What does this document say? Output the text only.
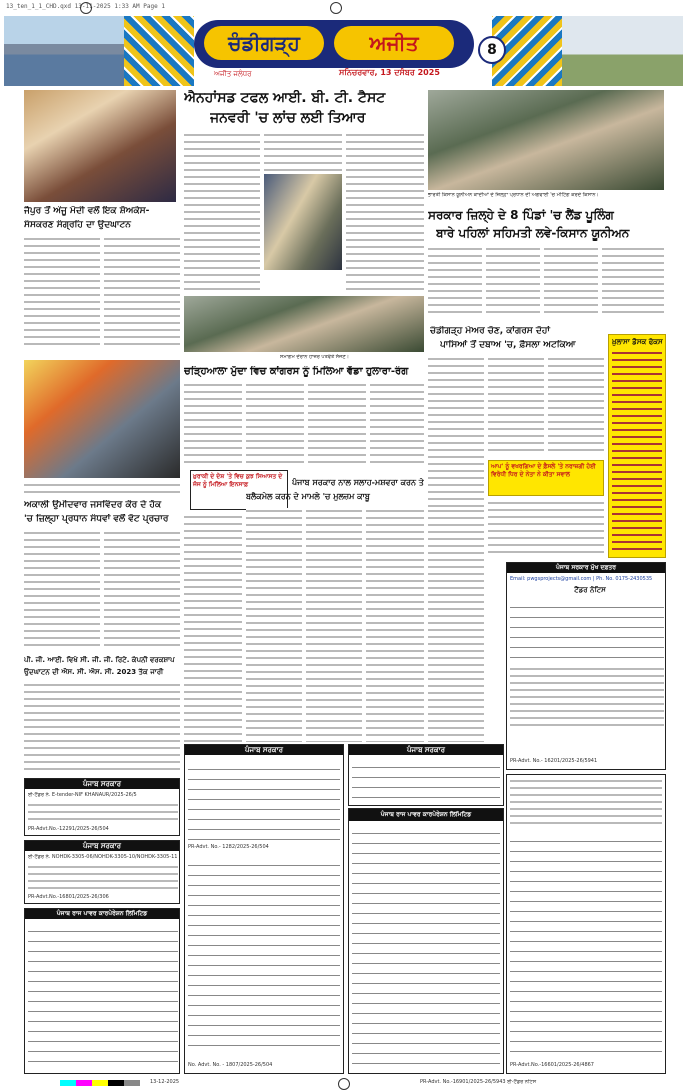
13_ten_1_1_CHD.qxd 13-11-2025 1:33 AM Page 1
ਚੰਡੀਗੜ੍ਹ	ਅਜੀਤ
ਅਜੀਤ ਜਲੰਧਰ	ਸਨਿਚਰਵਾਰ, 13 ਦਸੰਬਰ 2025
8
ਜੈਪੁਰ ਤੋਂ ਅੰਜੂ ਮੋਦੀ ਵਲੋਂ ਇਕ ਸ਼ੋਅਕੇਸ-
ਸੰਸਕਰਣ ਸੰਗ੍ਰਹਿ ਦਾ ਉਦਘਾਟਨ
ਐਨਹਾਂਸਡ ਟਫਲ ਆਈ. ਬੀ. ਟੀ. ਟੈਸਟ
ਜਨਵਰੀ 'ਚ ਲਾਂਚ ਲਈ ਤਿਆਰ
ਸਮਾਗਮ ਦੌਰਾਨ ਹਾਜ਼ਰ ਪਤਵੰਤੇ ਸੱਜਣ।
ਭਾਰਤੀ ਕਿਸਾਨ ਯੂਨੀਅਨ ਕਾਦੀਆਂ ਦੇ ਜ਼ਿਲ੍ਹਾ ਪ੍ਰਧਾਨ ਦੀ ਅਗਵਾਈ 'ਚ ਮੀਟਿੰਗ ਕਰਦੇ ਕਿਸਾਨ।
ਸਰਕਾਰ ਜ਼ਿਲ੍ਹੇ ਦੇ 8 ਪਿੰਡਾਂ 'ਚ ਲੈਂਡ ਪੂਲਿੰਗ
ਬਾਰੇ ਪਹਿਲਾਂ ਸਹਿਮਤੀ ਲਵੇ-ਕਿਸਾਨ ਯੂਨੀਅਨ
ਚੰਡੀਗੜ੍ਹ ਮੇਅਰ ਚੋਣ, ਕਾਂਗਰਸ ਦੋਹਾਂ
ਪਾਸਿਆਂ ਤੋਂ ਦਬਾਅ 'ਚ, ਫ਼ੈਸਲਾ ਅਟਕਿਆ
ਆਪ' ਨੂੰ ਵਖਰਗਿਆ ਦੇ ਫ਼ੈਸਲੇ 'ਤੇ ਨਰਾਜ਼ਗੀ ਹੋਈ ਵਿਰੋਧੀ ਧਿਰ ਦੇ ਨੇਤਾ ਨੇ ਕੀਤਾ ਸਵਾਲ
ਖ਼ੁਲਾਸਾ ਡੈਸਕ ਫੋਕਸ
ਅਕਾਲੀ ਉਮੀਦਵਾਰ ਜਸਵਿੰਦਰ ਕੌਰ ਦੇ ਹੱਕ
'ਚ ਜ਼ਿਲ੍ਹਾ ਪ੍ਰਧਾਨ ਸੰਧਵਾਂ ਵਲੋਂ ਵੋਟ ਪ੍ਰਚਾਰ
ਪੀ. ਜੀ. ਆਈ. ਵਿਖੇ ਸੀ. ਜੀ. ਜੀ. ਰਿਟੇ. ਕੰਪਨੀ ਵਰਕਸ਼ਾਪ
ਉਦਘਾਟਨ ਦੀ ਐਸ. ਸੀ. ਐਸ. ਸੀ. 2023 ਤੱਕ ਜਾਰੀ
ਚੜ੍ਹਿਆਲਾ ਮੁੱਦਾ ਵਿਚ ਕਾਂਗਰਸ ਨੂੰ ਮਿਲਿਆ ਵੱਡਾ ਹੁਲਾਰਾ-ਰੰਗ
ਖ਼ੁਰਾਕੀ ਦੇ ਦੋਸ਼ 'ਤੇ ਵਿਚ ਕੁਝ ਸਿਆਸਤ ਦੇ ਜੱਜ ਨੂੰ ਮਿਲਿਆ ਇਨਸਾਫ਼	ਪੰਜਾਬ ਸਰਕਾਰ ਨਾਲ ਸਲਾਹ-ਮਸ਼ਵਰਾ ਕਰਨ ਤੇ
ਬਲੈਕਮੇਲ ਕਰਨ ਦੇ ਮਾਮਲੇ 'ਚ ਮੁਲਜ਼ਮ ਕਾਬੂ
ਪੰਜਾਬ ਸਰਕਾਰ ਮੁੱਖ ਦਫ਼ਤਰ
Email: pwgsprojects@gmail.com | Ph. No. 0175-2430535
ਟੈਂਡਰ ਨੋਟਿਸ
PR-Advt. No.- 16201/2025-26/5941
ਪੰਜਾਬ ਸਰਕਾਰ
ਈ-ਟੈਂਡਰ ਨੰ. E-tender-NIF KHANAUR/2025-26/5
PR-Advt.No.-12291/2025-26/504
ਪੰਜਾਬ ਸਰਕਾਰ
ਈ-ਟੈਂਡਰ ਨੰ. NOHDK-3305-06/NOHDK-3305-10/NOHDK-3305-11
PR-Advt.No.-16801/2025-26/306
ਪੰਜਾਬ ਰਾਜ ਪਾਵਰ ਕਾਰਪੋਰੇਸ਼ਨ ਲਿਮਿਟਿਡ
ਪੰਜਾਬ ਸਰਕਾਰ
PR-Advt. No.- 1282/2025-26/504
No. Advt. No. - 1807/2025-26/504
ਪੰਜਾਬ ਸਰਕਾਰ
ਪੰਜਾਬ ਰਾਜ ਪਾਵਰ ਕਾਰਪੋਰੇਸ਼ਨ ਲਿਮਿਟਿਡ
PR-Advt.No.-16601/2025-26/4867
13-12-2025	PR-Advt. No.-16901/2025-26/5943 ਈ-ਟੈਂਡਰ ਨੋਟਿਸ
